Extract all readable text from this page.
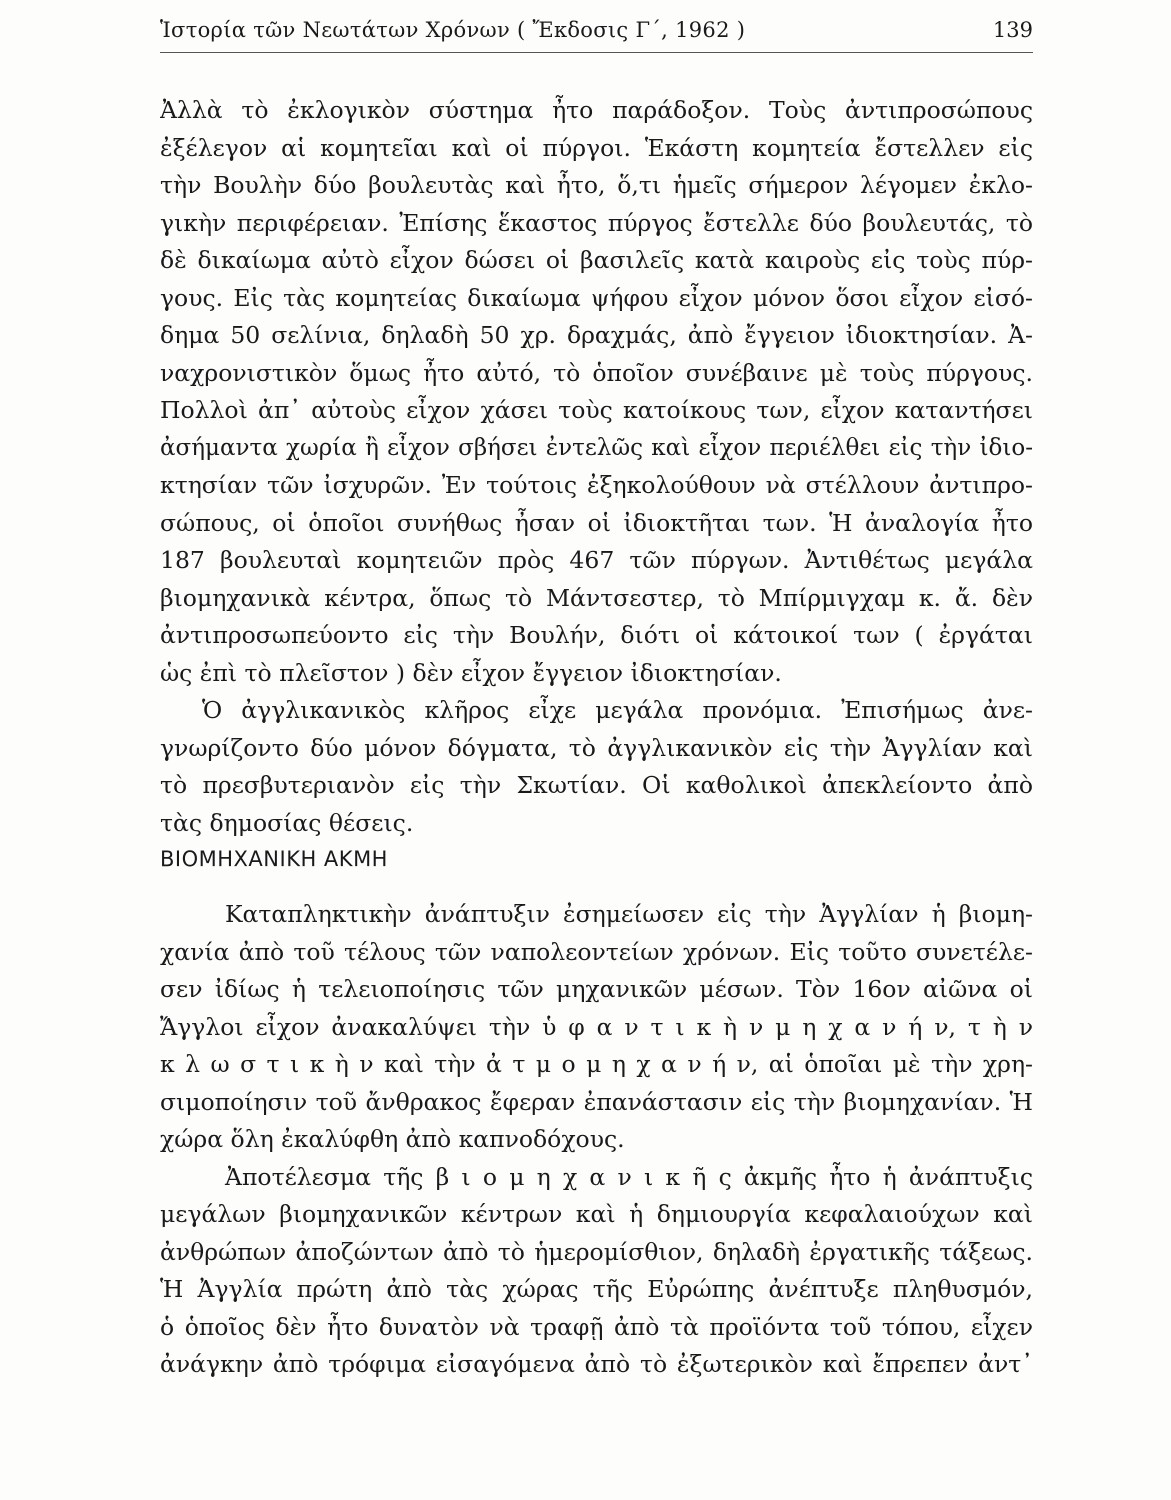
Ἱστορία τῶν Νεωτάτων Χρόνων ( Ἔκδοσις Γ΄, 1962 )	139
Ἀλλὰ τὸ ἐκλογικὸν σύστημα ἦτο παράδοξον. Τοὺς ἀντιπροσώπους
ἐξέλεγον αἱ κομητεῖαι καὶ οἱ πύργοι. Ἑκάστη κομητεία ἔστελλεν εἰς
τὴν Βουλὴν δύο βουλευτὰς καὶ ἦτο, ὅ,τι ἡμεῖς σήμερον λέγομεν ἐκλο-
γικὴν περιφέρειαν. Ἐπίσης ἕκαστος πύργος ἔστελλε δύο βουλευτάς, τὸ
δὲ δικαίωμα αὐτὸ εἶχον δώσει οἱ βασιλεῖς κατὰ καιροὺς εἰς τοὺς πύρ-
γους. Εἰς τὰς κομητείας δικαίωμα ψήφου εἶχον μόνον ὅσοι εἶχον εἰσό-
δημα 50 σελίνια, δηλαδὴ 50 χρ. δραχμάς, ἀπὸ ἔγγειον ἰδιοκτησίαν. Ἀ-
ναχρονιστικὸν ὅμως ἦτο αὐτό, τὸ ὁποῖον συνέβαινε μὲ τοὺς πύργους.
Πολλοὶ ἀπ᾽ αὐτοὺς εἶχον χάσει τοὺς κατοίκους των, εἶχον καταντήσει
ἀσήμαντα χωρία ἢ εἶχον σβήσει ἐντελῶς καὶ εἶχον περιέλθει εἰς τὴν ἰδιο-
κτησίαν τῶν ἰσχυρῶν. Ἐν τούτοις ἐξηκολούθουν νὰ στέλλουν ἀντιπρο-
σώπους, οἱ ὁποῖοι συνήθως ἦσαν οἱ ἰδιοκτῆται των. Ἡ ἀναλογία ἦτο
187 βουλευταὶ κομητειῶν πρὸς 467 τῶν πύργων. Ἀντιθέτως μεγάλα
βιομηχανικὰ κέντρα, ὅπως τὸ Μάντσεστερ, τὸ Μπίρμιγχαμ κ. ἄ. δὲν
ἀντιπροσωπεύοντο εἰς τὴν Βουλήν, διότι οἱ κάτοικοί των ( ἐργάται
ὡς ἐπὶ τὸ πλεῖστον ) δὲν εἶχον ἔγγειον ἰδιοκτησίαν.
Ὁ ἀγγλικανικὸς κλῆρος εἶχε μεγάλα προνόμια. Ἐπισήμως ἀνε-
γνωρίζοντο δύο μόνον δόγματα, τὸ ἀγγλικανικὸν εἰς τὴν Ἀγγλίαν καὶ
τὸ πρεσβυτεριανὸν εἰς τὴν Σκωτίαν. Οἱ καθολικοὶ ἀπεκλείοντο ἀπὸ
τὰς δημοσίας θέσεις.
ΒΙΟΜΗΧΑΝΙΚΗ ΑΚΜΗ
Καταπληκτικὴν ἀνάπτυξιν ἐσημείωσεν εἰς τὴν Ἀγγλίαν ἡ βιομη-
χανία ἀπὸ τοῦ τέλους τῶν ναπολεοντείων χρόνων. Εἰς τοῦτο συνετέλε-
σεν ἰδίως ἡ τελειοποίησις τῶν μηχανικῶν μέσων. Τὸν 16ον αἰῶνα οἱ
Ἄγγλοι εἶχον ἀνακαλύψει τὴν ὑ φ α ν τ ι κ ὴ ν μ η χ α ν ή ν, τ ὴ ν
κ λ ω σ τ ι κ ὴ ν καὶ τὴν ἀ τ μ ο μ η χ α ν ή ν, αἱ ὁποῖαι μὲ τὴν χρη-
σιμοποίησιν τοῦ ἄνθρακος ἔφεραν ἐπανάστασιν εἰς τὴν βιομηχανίαν. Ἡ
χώρα ὅλη ἐκαλύφθη ἀπὸ καπνοδόχους.
Ἀποτέλεσμα τῆς β ι ο μ η χ α ν ι κ ῆ ς ἀκμῆς ἦτο ἡ ἀνάπτυξις
μεγάλων βιομηχανικῶν κέντρων καὶ ἡ δημιουργία κεφαλαιούχων καὶ
ἀνθρώπων ἀποζώντων ἀπὸ τὸ ἡμερομίσθιον, δηλαδὴ ἐργατικῆς τάξεως.
Ἡ Ἀγγλία πρώτη ἀπὸ τὰς χώρας τῆς Εὐρώπης ἀνέπτυξε πληθυσμόν,
ὁ ὁποῖος δὲν ἦτο δυνατὸν νὰ τραφῇ ἀπὸ τὰ προϊόντα τοῦ τόπου, εἶχεν
ἀνάγκην ἀπὸ τρόφιμα εἰσαγόμενα ἀπὸ τὸ ἐξωτερικὸν καὶ ἔπρεπεν ἀντ᾽
